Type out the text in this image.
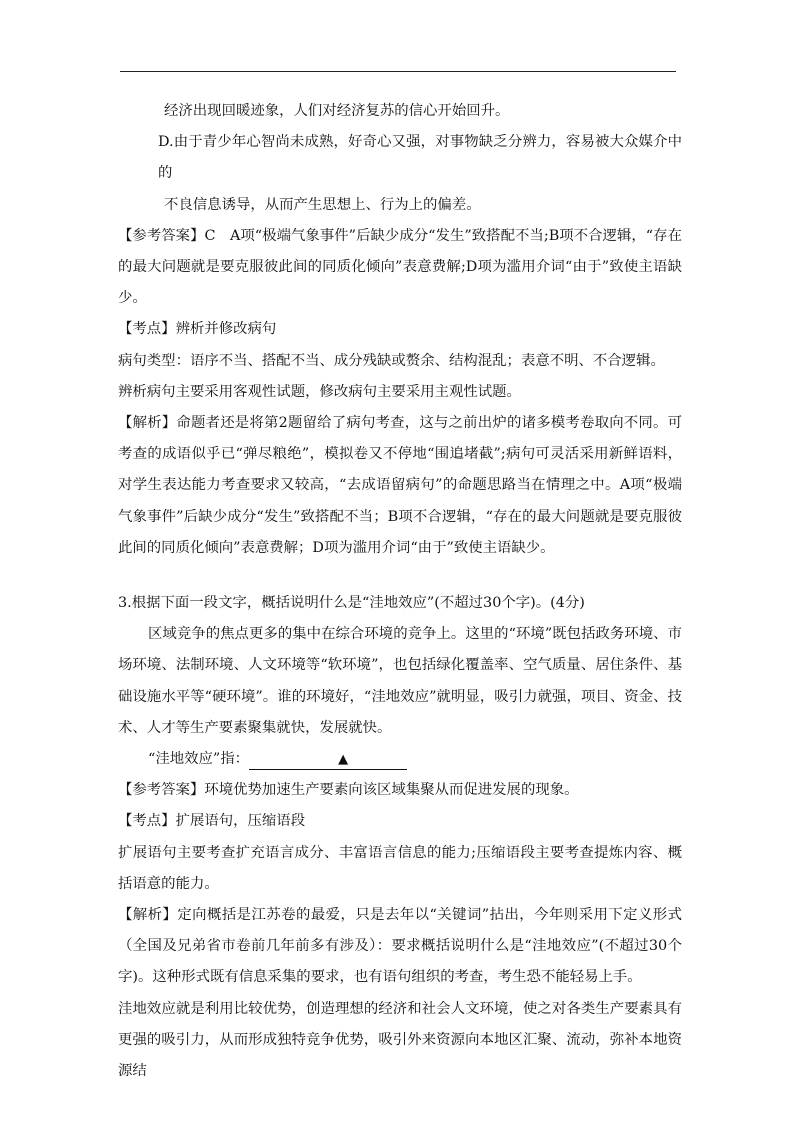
经济出现回暖迹象，人们对经济复苏的信心开始回升。

D.由于青少年心智尚未成熟，好奇心又强，对事物缺乏分辨力，容易被大众媒介中的

不良信息诱导，从而产生思想上、行为上的偏差。

【参考答案】C　A项“极端气象事件”后缺少成分“发生”致搭配不当;B项不合逻辑，“存在的最大问题就是要克服彼此间的同质化倾向”表意费解;D项为滥用介词“由于”致使主语缺少。

【考点】辨析并修改病句

病句类型：语序不当、搭配不当、成分残缺或赘余、结构混乱；表意不明、不合逻辑。

辨析病句主要采用客观性试题，修改病句主要采用主观性试题。

【解析】命题者还是将第2题留给了病句考查，这与之前出炉的诸多模考卷取向不同。可考查的成语似乎已“弹尽粮绝”，模拟卷又不停地“围追堵截”;病句可灵活采用新鲜语料，对学生表达能力考查要求又较高，“去成语留病句”的命题思路当在情理之中。A项“极端气象事件”后缺少成分“发生”致搭配不当；B项不合逻辑，“存在的最大问题就是要克服彼此间的同质化倾向”表意费解；D项为滥用介词“由于”致使主语缺少。

3.根据下面一段文字，概括说明什么是“洼地效应”(不超过30个字)。(4分)

区域竞争的焦点更多的集中在综合环境的竞争上。这里的“环境”既包括政务环境、市场环境、法制环境、人文环境等“软环境”，也包括绿化覆盖率、空气质量、居住条件、基础设施水平等“硬环境”。谁的环境好，“洼地效应”就明显，吸引力就强，项目、资金、技术、人才等生产要素聚集就快，发展就快。

“洼地效应”指：	▲

【参考答案】环境优势加速生产要素向该区域集聚从而促进发展的现象。

【考点】扩展语句，压缩语段

扩展语句主要考查扩充语言成分、丰富语言信息的能力;压缩语段主要考查提炼内容、概括语意的能力。

【解析】定向概括是江苏卷的最爱，只是去年以“关键词”拈出，今年则采用下定义形式（全国及兄弟省市卷前几年前多有涉及）：要求概括说明什么是“洼地效应”(不超过30个字)。这种形式既有信息采集的要求，也有语句组织的考查，考生恐不能轻易上手。

洼地效应就是利用比较优势，创造理想的经济和社会人文环境，使之对各类生产要素具有更强的吸引力，从而形成独特竞争优势，吸引外来资源向本地区汇聚、流动，弥补本地资源结
